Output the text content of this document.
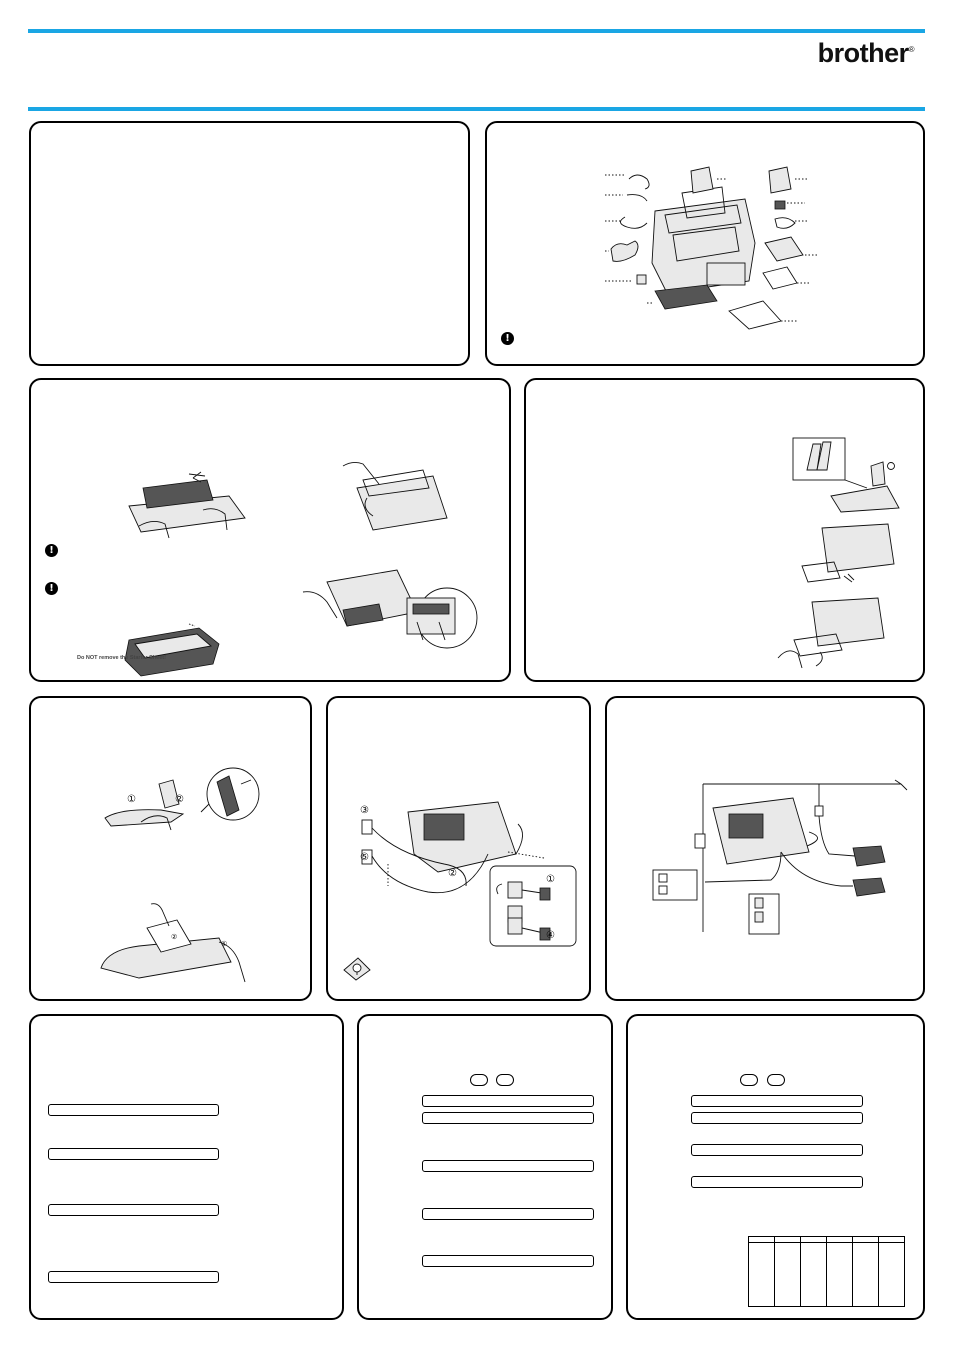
brother®
!
!
!
Do NOT remove the Starter Sheet!
①	②
②
①
③
⑤
②
①
④
